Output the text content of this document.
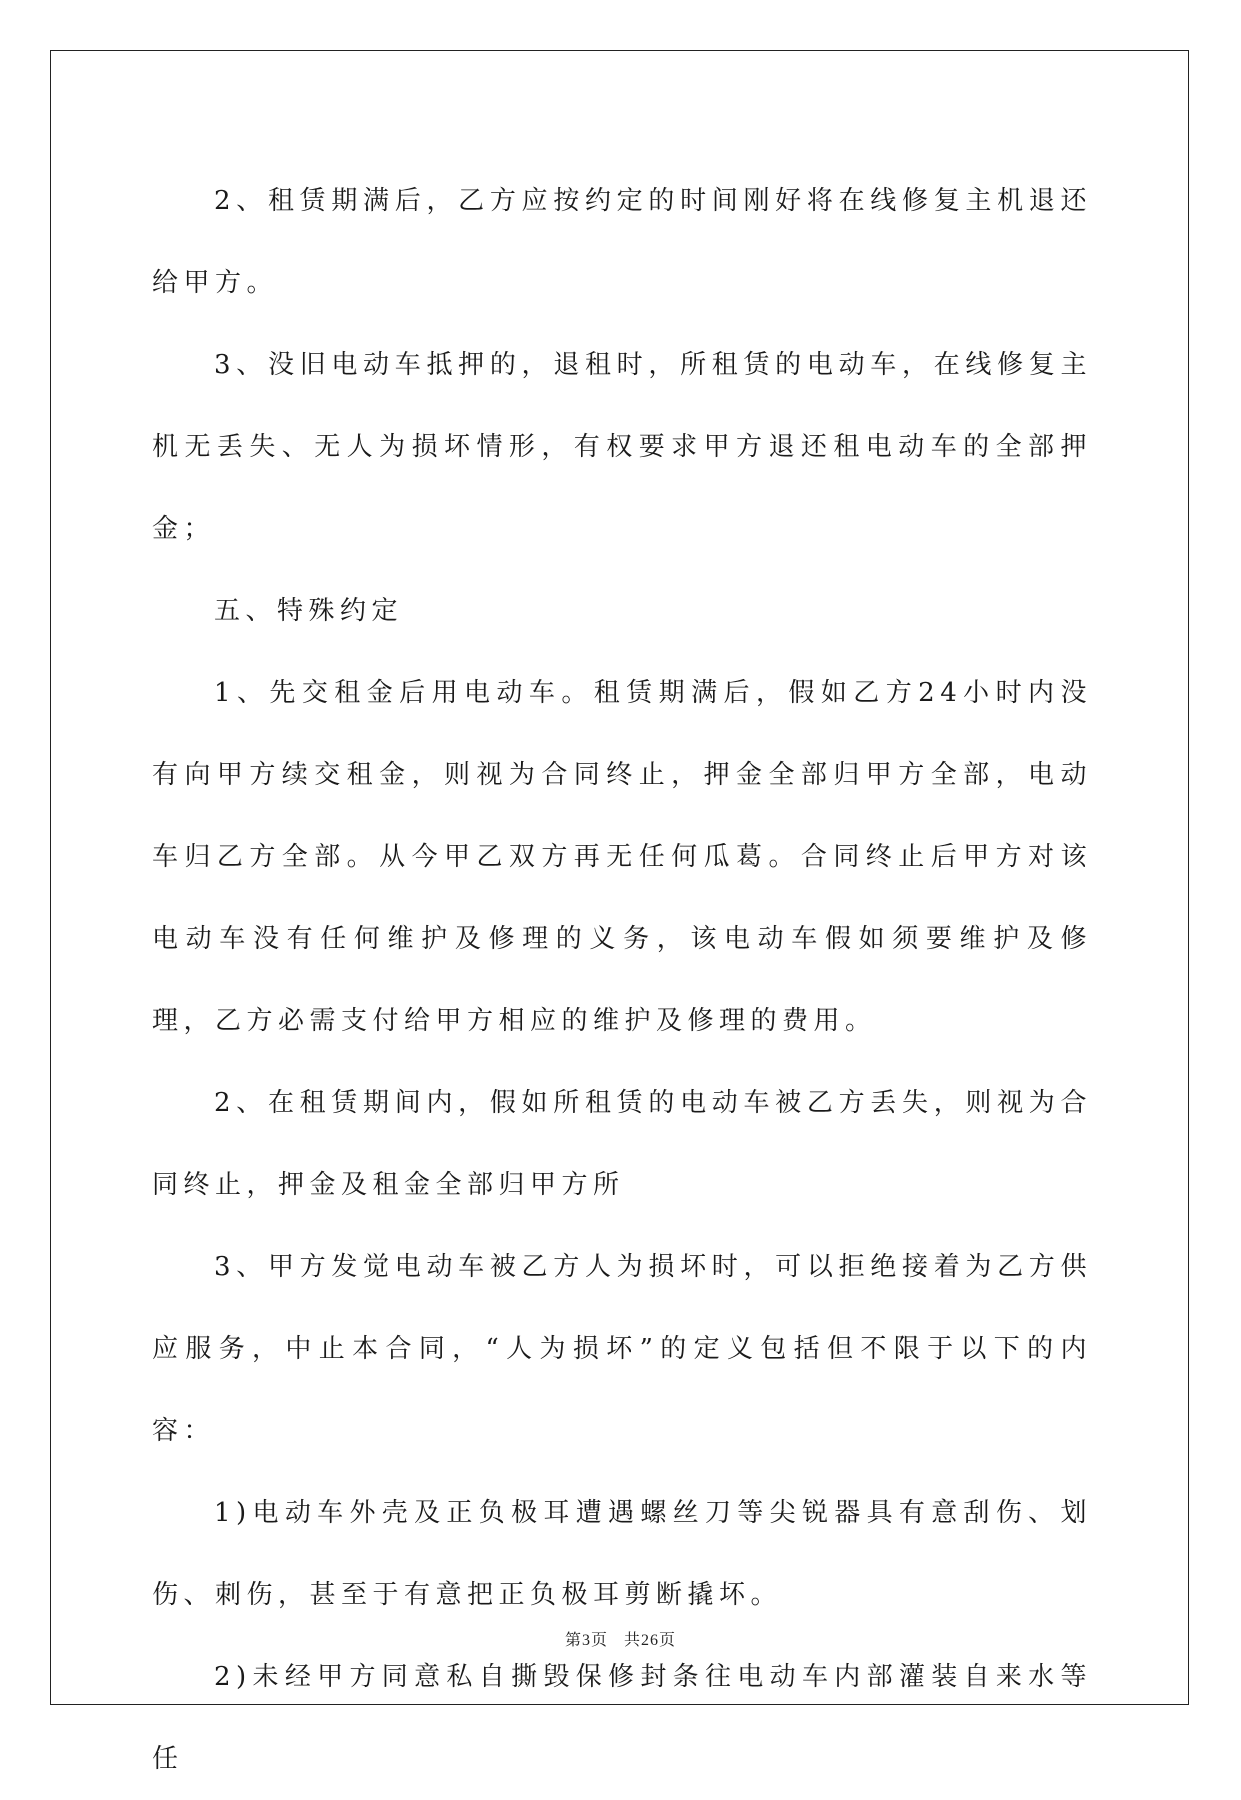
2、租赁期满后，乙方应按约定的时间刚好将在线修复主机退还给甲方。

3、没旧电动车抵押的，退租时，所租赁的电动车，在线修复主机无丢失、无人为损坏情形，有权要求甲方退还租电动车的全部押金；

五、特殊约定

1、先交租金后用电动车。租赁期满后，假如乙方24小时内没有向甲方续交租金，则视为合同终止，押金全部归甲方全部，电动车归乙方全部。从今甲乙双方再无任何瓜葛。合同终止后甲方对该电动车没有任何维护及修理的义务，该电动车假如须要维护及修理，乙方必需支付给甲方相应的维护及修理的费用。

2、在租赁期间内，假如所租赁的电动车被乙方丢失，则视为合同终止，押金及租金全部归甲方所

3、甲方发觉电动车被乙方人为损坏时，可以拒绝接着为乙方供应服务，中止本合同，“人为损坏”的定义包括但不限于以下的内容：

1)电动车外壳及正负极耳遭遇螺丝刀等尖锐器具有意刮伤、划伤、刺伤，甚至于有意把正负极耳剪断撬坏。

2)未经甲方同意私自撕毁保修封条往电动车内部灌装自来水等任

第3页 共26页
